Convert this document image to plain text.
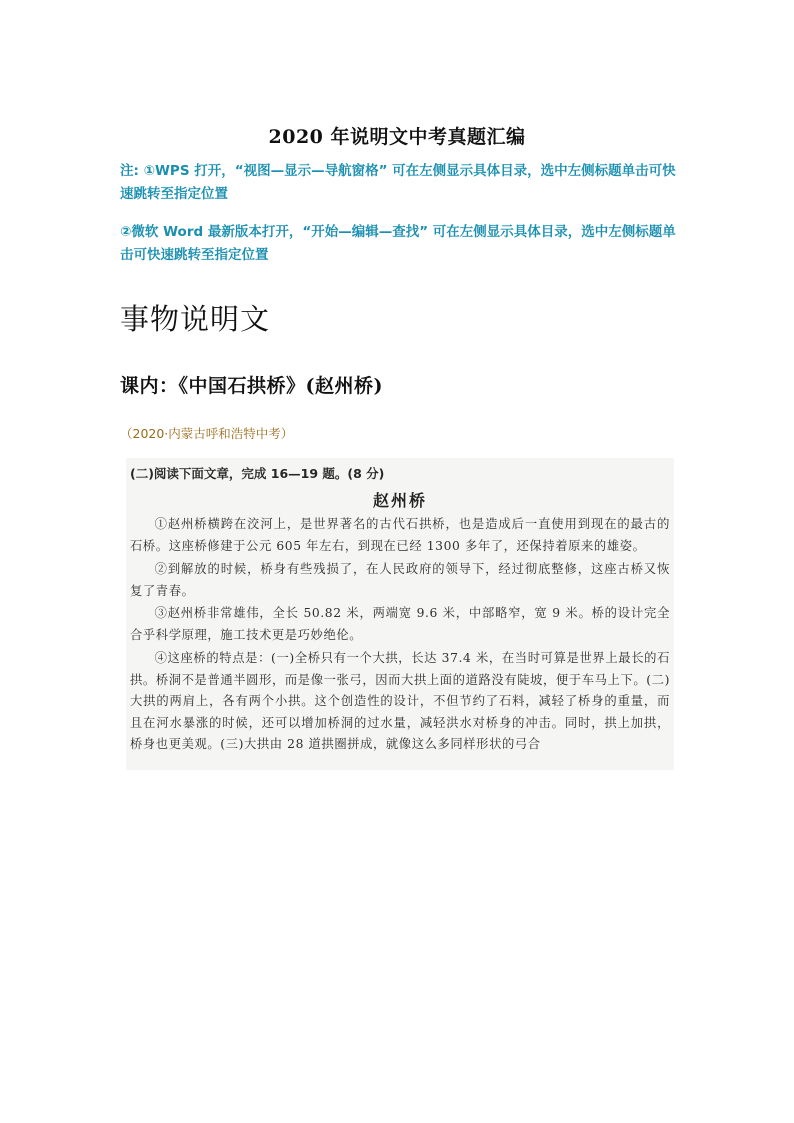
2020 年说明文中考真题汇编
注: ①WPS 打开，“视图—显示—导航窗格” 可在左侧显示具体目录，选中左侧标题单击可快速跳转至指定位置
②微软 Word 最新版本打开，“开始—编辑—查找” 可在左侧显示具体目录，选中左侧标题单击可快速跳转至指定位置
事物说明文
课内：《中国石拱桥》(赵州桥)
（2020·内蒙古呼和浩特中考）
(二)阅读下面文章，完成 16—19 题。(8 分)
赵州桥
①赵州桥横跨在洨河上，是世界著名的古代石拱桥，也是造成后一直使用到现在的最古的石桥。这座桥修建于公元 605 年左右，到现在已经 1300 多年了，还保持着原来的雄姿。
②到解放的时候，桥身有些残损了，在人民政府的领导下，经过彻底整修，这座古桥又恢复了青春。
③赵州桥非常雄伟，全长 50.82 米，两端宽 9.6 米，中部略窄，宽 9 米。桥的设计完全合乎科学原理，施工技术更是巧妙绝伦。
④这座桥的特点是：(一)全桥只有一个大拱，长达 37.4 米，在当时可算是世界上最长的石拱。桥洞不是普通半圆形，而是像一张弓，因而大拱上面的道路没有陡坡，便于车马上下。(二)大拱的两肩上，各有两个小拱。这个创造性的设计，不但节约了石料，减轻了桥身的重量，而且在河水暴涨的时候，还可以增加桥洞的过水量，减轻洪水对桥身的冲击。同时，拱上加拱，桥身也更美观。(三)大拱由 28 道拱圈拼成，就像这么多同样形状的弓合
